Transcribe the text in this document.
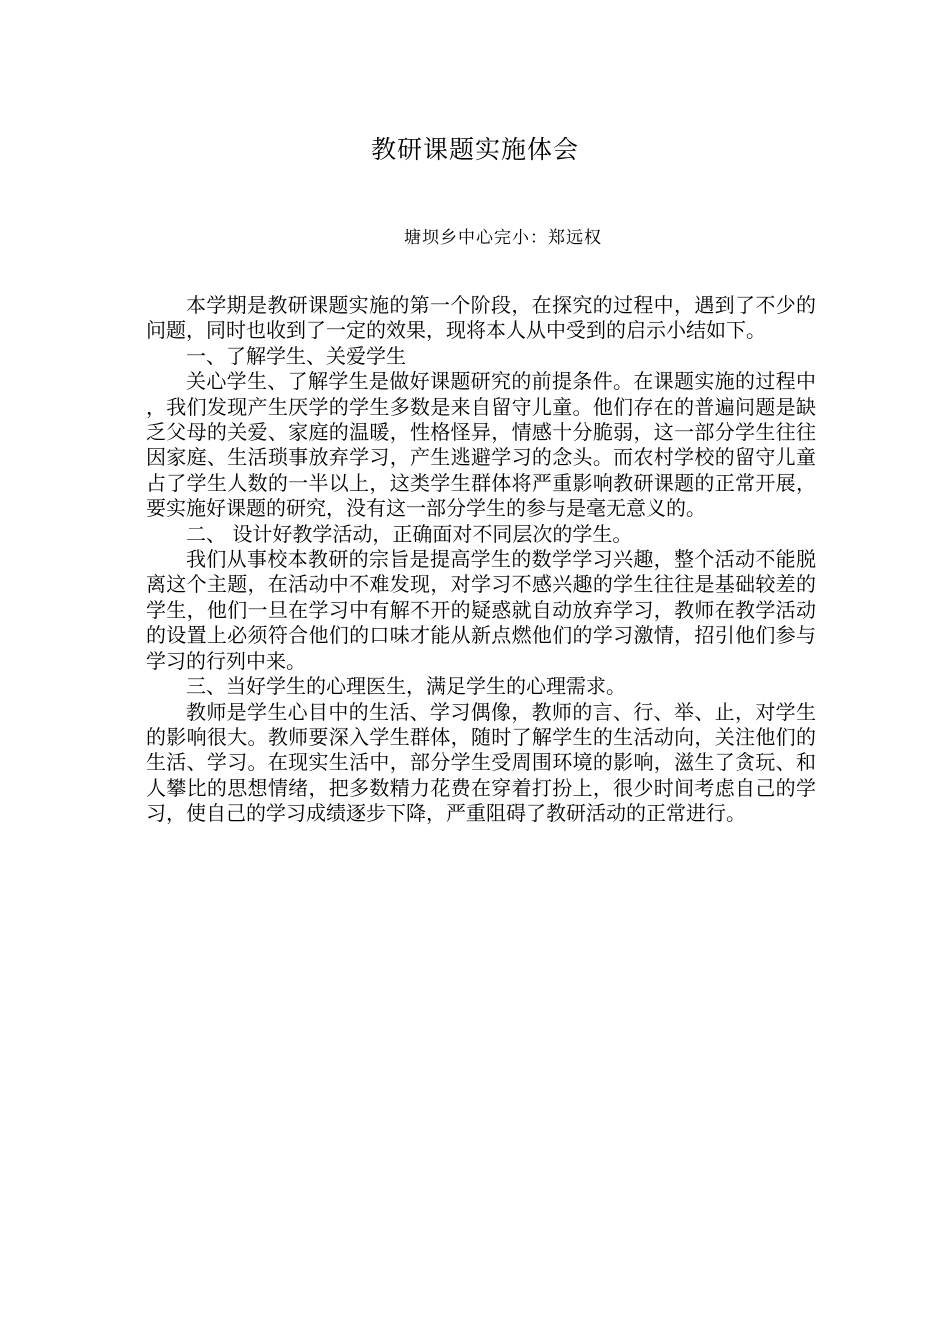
教研课题实施体会
塘坝乡中心完小：郑远权

本学期是教研课题实施的第一个阶段，在探究的过程中，遇到了不少的问题，同时也收到了一定的效果，现将本人从中受到的启示小结如下。

一、了解学生、关爱学生

关心学生、了解学生是做好课题研究的前提条件。在课题实施的过程中，我们发现产生厌学的学生多数是来自留守儿童。他们存在的普遍问题是缺乏父母的关爱、家庭的温暖，性格怪异，情感十分脆弱，这一部分学生往往因家庭、生活琐事放弃学习，产生逃避学习的念头。而农村学校的留守儿童占了学生人数的一半以上，这类学生群体将严重影响教研课题的正常开展，要实施好课题的研究，没有这一部分学生的参与是毫无意义的。

二、 设计好教学活动，正确面对不同层次的学生。

我们从事校本教研的宗旨是提高学生的数学学习兴趣，整个活动不能脱离这个主题，在活动中不难发现，对学习不感兴趣的学生往往是基础较差的学生，他们一旦在学习中有解不开的疑惑就自动放弃学习，教师在教学活动的设置上必须符合他们的口味才能从新点燃他们的学习激情，招引他们参与学习的行列中来。

三、当好学生的心理医生，满足学生的心理需求。

教师是学生心目中的生活、学习偶像，教师的言、行、举、止，对学生的影响很大。教师要深入学生群体，随时了解学生的生活动向，关注他们的生活、学习。在现实生活中，部分学生受周围环境的影响，滋生了贪玩、和人攀比的思想情绪，把多数精力花费在穿着打扮上，很少时间考虑自己的学习，使自己的学习成绩逐步下降，严重阻碍了教研活动的正常进行。
